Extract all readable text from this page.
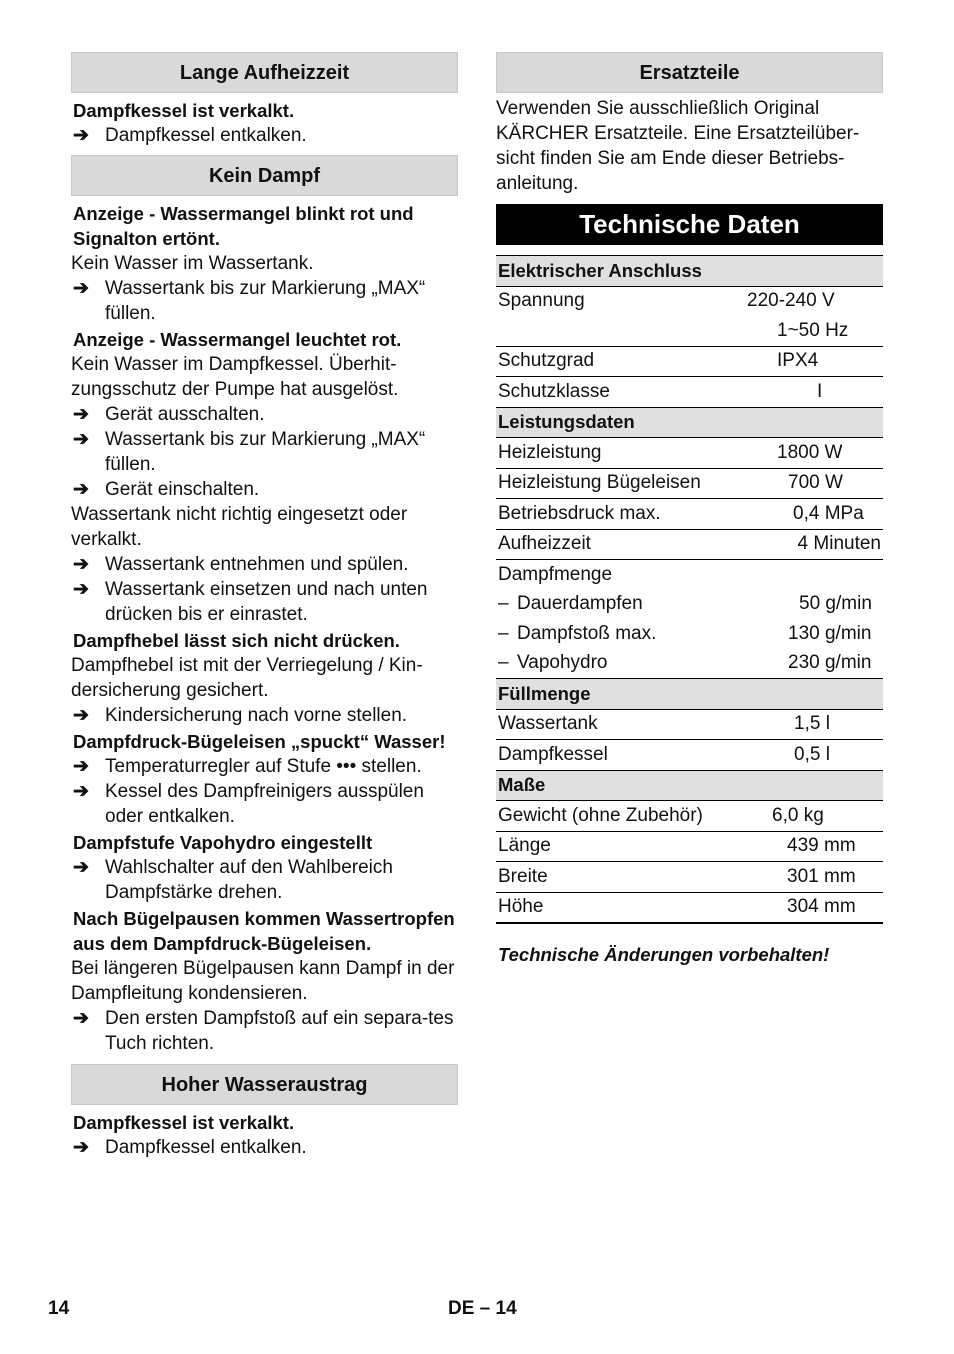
Lange Aufheizzeit
Dampfkessel ist verkalkt.
➔ Dampfkessel entkalken.
Kein Dampf
Anzeige - Wassermangel blinkt rot und Signalton ertönt.
Kein Wasser im Wassertank.
➔ Wassertank bis zur Markierung „MAX“ füllen.
Anzeige - Wassermangel leuchtet rot.
Kein Wasser im Dampfkessel. Überhit-zungsschutz der Pumpe hat ausgelöst.
➔ Gerät ausschalten.
➔ Wassertank bis zur Markierung „MAX“ füllen.
➔ Gerät einschalten.
Wassertank nicht richtig eingesetzt oder verkalkt.
➔ Wassertank entnehmen und spülen.
➔ Wassertank einsetzen und nach unten drücken bis er einrastet.
Dampfhebel lässt sich nicht drücken.
Dampfhebel ist mit der Verriegelung / Kin-dersicherung gesichert.
➔ Kindersicherung nach vorne stellen.
Dampfdruck-Bügeleisen „spuckt“ Wasser!
➔ Temperaturregler auf Stufe ••• stellen.
➔ Kessel des Dampfreinigers ausspülen oder entkalken.
Dampfstufe Vapohydro eingestellt
➔ Wahlschalter auf den Wahlbereich Dampfstärke drehen.
Nach Bügelpausen kommen Wassertropfen aus dem Dampfdruck-Bügeleisen.
Bei längeren Bügelpausen kann Dampf in der Dampfleitung kondensieren.
➔ Den ersten Dampfstoß auf ein separa-tes Tuch richten.
Hoher Wasseraustrag
Dampfkessel ist verkalkt.
➔ Dampfkessel entkalken.
Ersatzteile
Verwenden Sie ausschließlich Original KÄRCHER Ersatzteile. Eine Ersatzteilüber-sicht finden Sie am Ende dieser Betriebs-anleitung.
Technische Daten
Elektrischer Anschluss	
Spannung	220-240 V
	1~50 Hz
Schutzgrad	IPX4
Schutzklasse	I
Leistungsdaten	
Heizleistung	1800 W
Heizleistung Bügeleisen	700 W
Betriebsdruck max.	0,4 MPa
Aufheizzeit	4 Minuten
Dampfmenge	
– Dauerdampfen	50 g/min
– Dampfstoß max.	130 g/min
– Vapohydro	230 g/min
Füllmenge	
Wassertank	1,5 l
Dampfkessel	0,5 l
Maße	
Gewicht (ohne Zubehör)	6,0 kg
Länge	439 mm
Breite	301 mm
Höhe	304 mm
Technische Änderungen vorbehalten!
14	DE – 14
